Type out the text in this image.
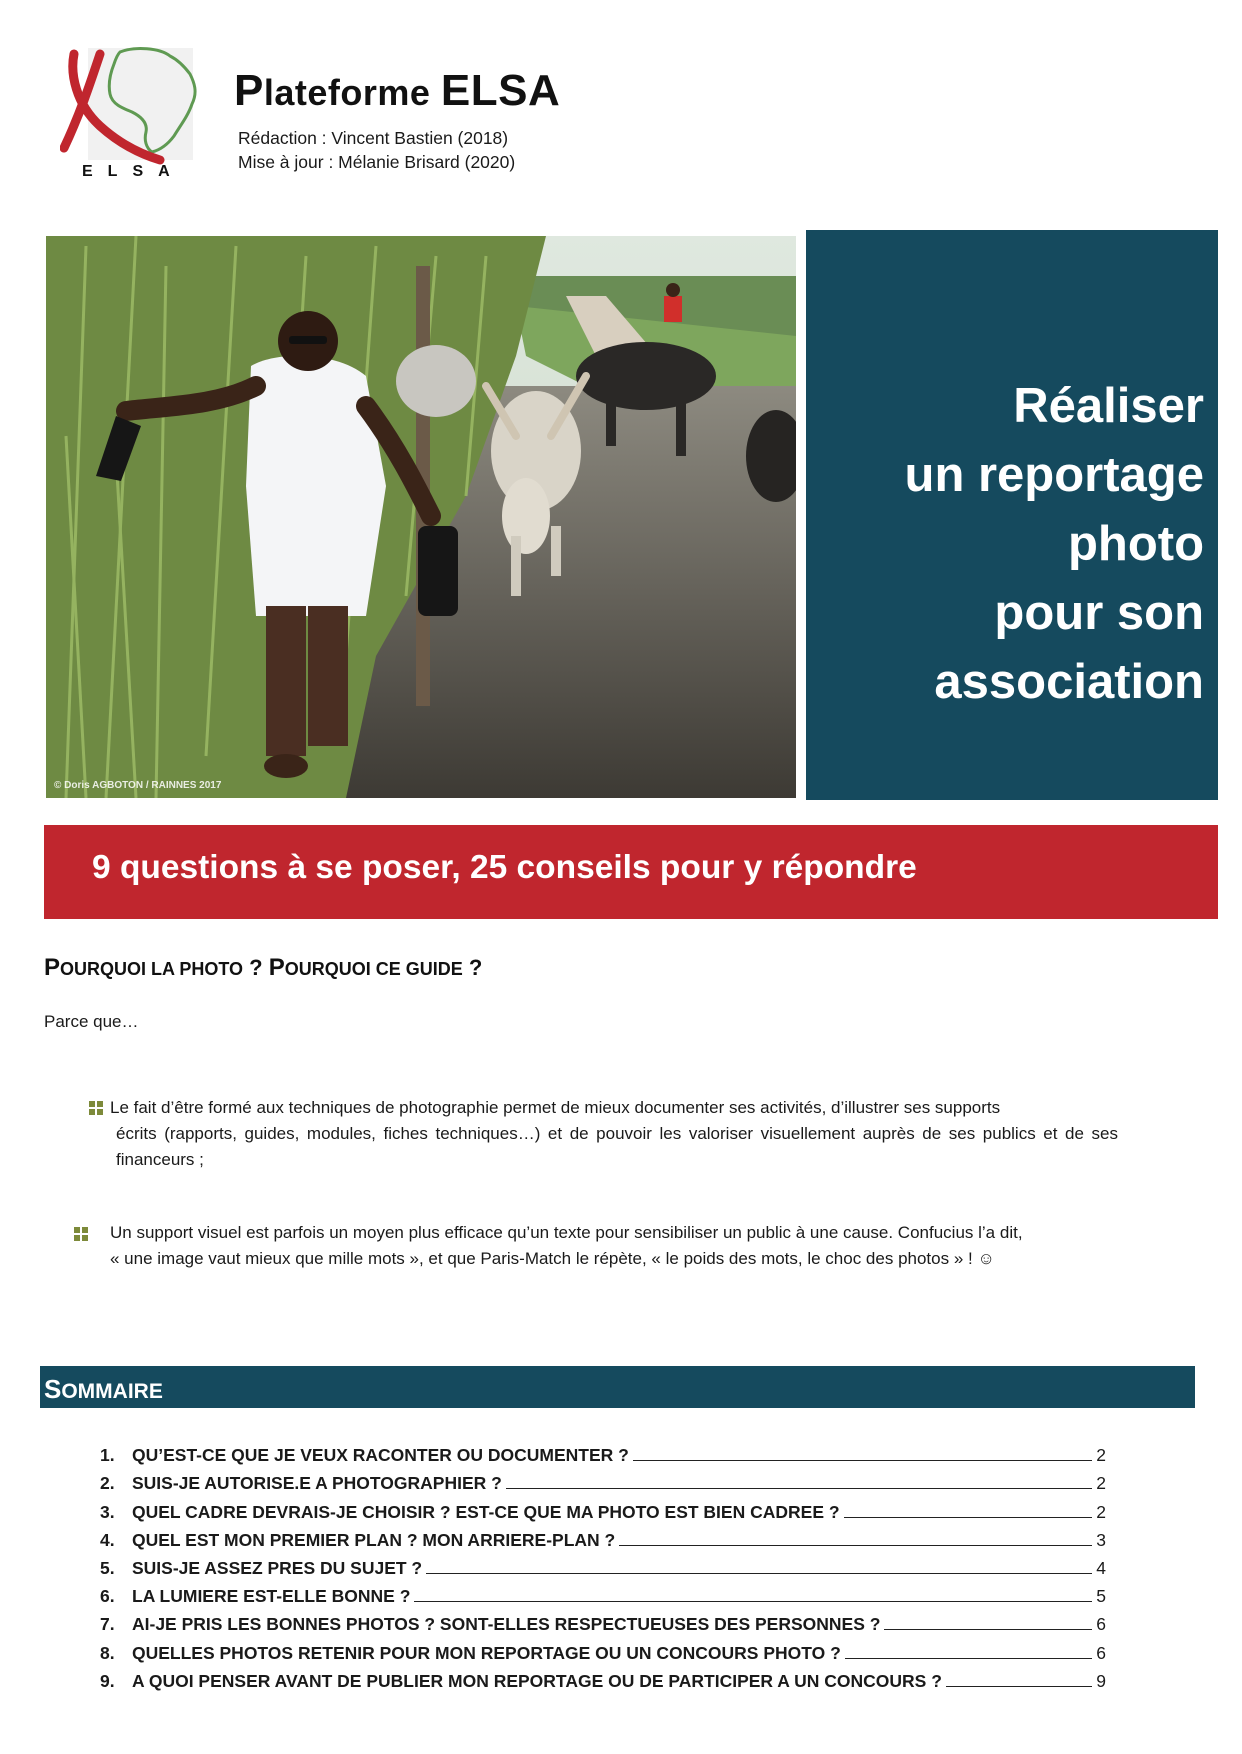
ELSA
Plateforme ELSA
Rédaction : Vincent Bastien (2018)
Mise à jour : Mélanie Brisard (2020)
© Doris AGBOTON / RAINNES 2017
Réaliser
un reportage
photo
pour son
association
9 questions à se poser, 25 conseils pour y répondre
POURQUOI LA PHOTO ? POURQUOI CE GUIDE ?
Parce que…
Le fait d’être formé aux techniques de photographie permet de mieux documenter ses activités, d’illustrer ses supports
écrits (rapports, guides, modules, fiches techniques…) et de pouvoir les valoriser visuellement auprès de ses publics et de ses financeurs ;
Un support visuel est parfois un moyen plus efficace qu’un texte pour sensibiliser un public à une cause. Confucius l’a dit,
« une image vaut mieux que mille mots », et que Paris-Match le répète, « le poids des mots, le choc des photos » ! ☺
SOMMAIRE
1. QU’EST-CE QUE JE VEUX RACONTER OU DOCUMENTER ?	2
2. SUIS-JE AUTORISE.E A PHOTOGRAPHIER ?	2
3. QUEL CADRE DEVRAIS-JE CHOISIR ? EST-CE QUE MA PHOTO EST BIEN CADREE ?	2
4. QUEL EST MON PREMIER PLAN ? MON ARRIERE-PLAN ?	3
5. SUIS-JE ASSEZ PRES DU SUJET ?	4
6. LA LUMIERE EST-ELLE BONNE ?	5
7. AI-JE PRIS LES BONNES PHOTOS ? SONT-ELLES RESPECTUEUSES DES PERSONNES ?	6
8. QUELLES PHOTOS RETENIR POUR MON REPORTAGE OU UN CONCOURS PHOTO ?	6
9. A QUOI PENSER AVANT DE PUBLIER MON REPORTAGE OU DE PARTICIPER A UN CONCOURS ?	9
